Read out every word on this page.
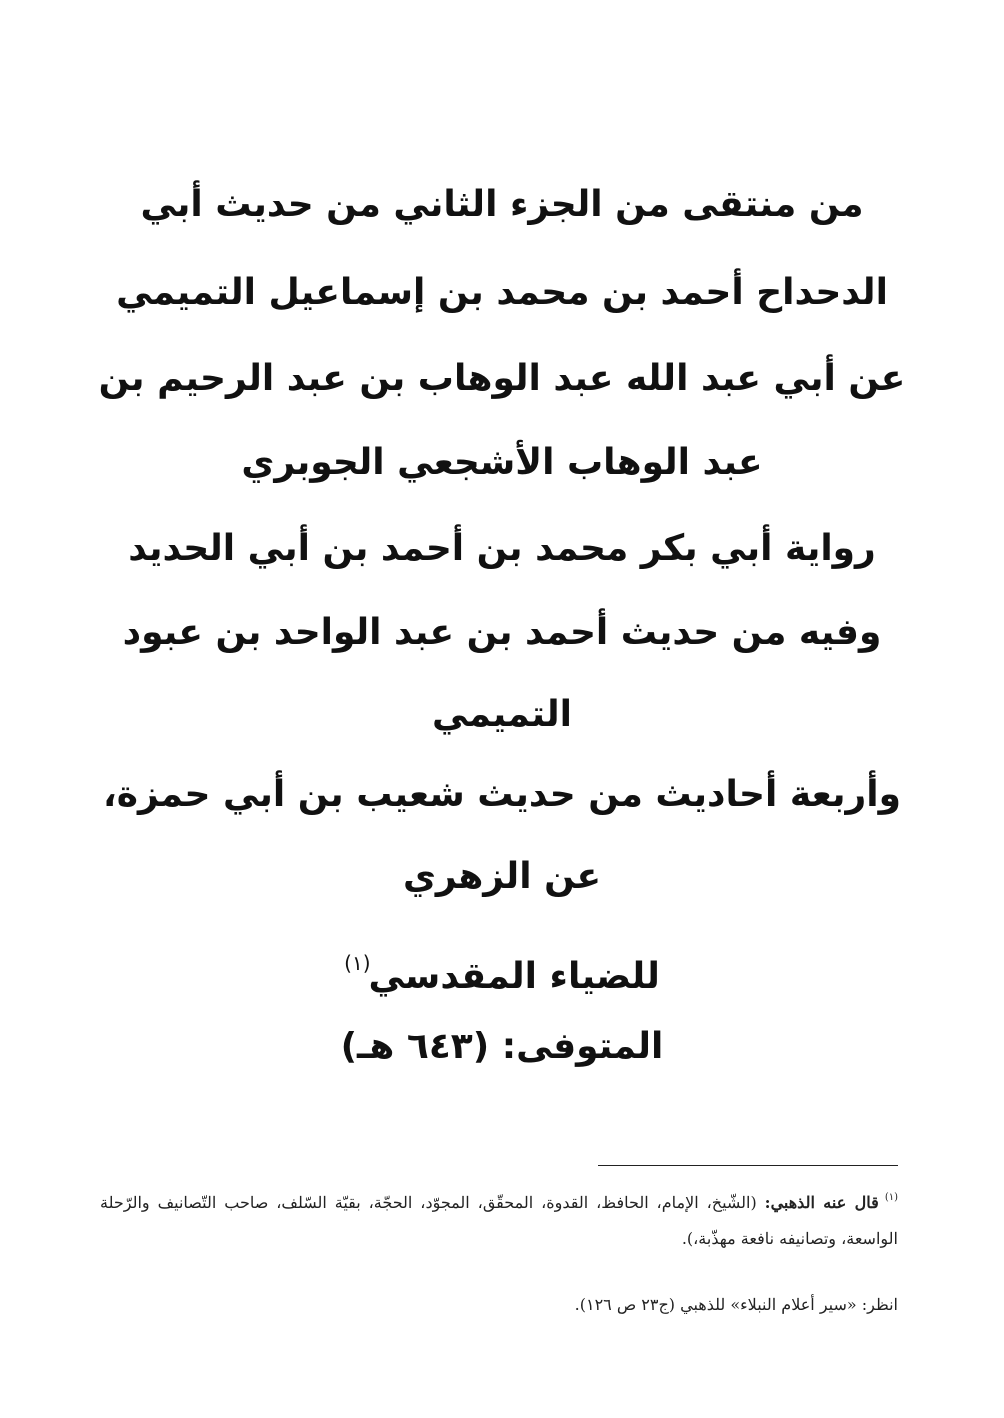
من منتقى من الجزء الثاني من حديث أبي
الدحداح أحمد بن محمد بن إسماعيل التميمي
عن أبي عبد الله عبد الوهاب بن عبد الرحيم بن
عبد الوهاب الأشجعي الجوبري
رواية أبي بكر محمد بن أحمد بن أبي الحديد
وفيه من حديث أحمد بن عبد الواحد بن عبود
التميمي
وأربعة أحاديث من حديث شعيب بن أبي حمزة،
عن الزهري
للضياء المقدسي$^{(١)}$
المتوفى: (٦٤٣ هـ)
$^{(١)}$قال عنه الذهبي: (الشّيخ، الإمام، الحافظ، القدوة، المحقّق، المجوّد، الحجّة، بقيّة السّلف، صاحب التّصانيف والرّحلة الواسعة، وتصانيفه نافعة مهذّبة،).
انظر: «سير أعلام النبلاء» للذهبي (ج٢٣ ص ١٢٦).
